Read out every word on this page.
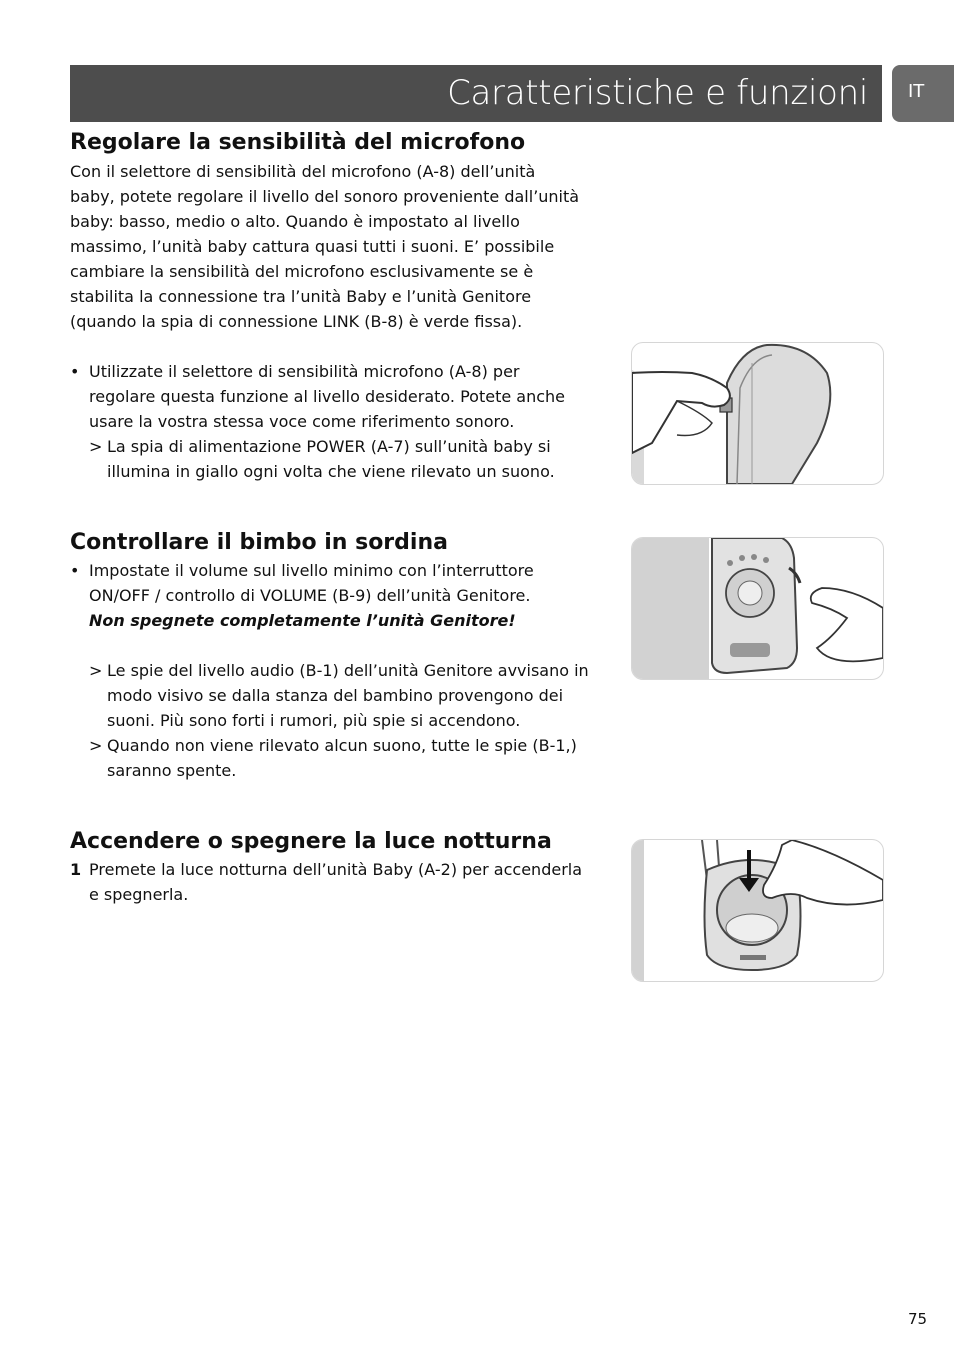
Caratteristiche e funzioni IT
Regolare la sensibilità del microfono
Con il selettore di sensibilità del microfono (A-8) dell’unità
baby, potete regolare il livello del sonoro proveniente dall’unità
baby: basso, medio o alto. Quando è impostato al livello
massimo, l’unità baby cattura quasi tutti i suoni. E’ possibile
cambiare la sensibilità del microfono esclusivamente se è
stabilita la connessione tra l’unità Baby e l’unità Genitore
(quando la spia di connessione LINK (B-8) è verde fissa).
• Utilizzate il selettore di sensibilità microfono (A-8) per
regolare questa funzione al livello desiderato. Potete anche
usare la vostra stessa voce come riferimento sonoro.
> La spia di alimentazione POWER (A-7) sull’unità baby si
illumina in giallo ogni volta che viene rilevato un suono.
Controllare il bimbo in sordina
• Impostate il volume sul livello minimo con l’interruttore
ON/OFF / controllo di VOLUME (B-9) dell’unità Genitore.
Non spegnete completamente l’unità Genitore!
> Le spie del livello audio (B-1) dell’unità Genitore avvisano in
modo visivo se dalla stanza del bambino provengono dei
suoni. Più sono forti i rumori, più spie si accendono.
> Quando non viene rilevato alcun suono, tutte le spie (B-1,)
saranno spente.
Accendere o spegnere la luce notturna
1 Premete la luce notturna dell’unità Baby (A-2) per accenderla
e spegnerla.
75
